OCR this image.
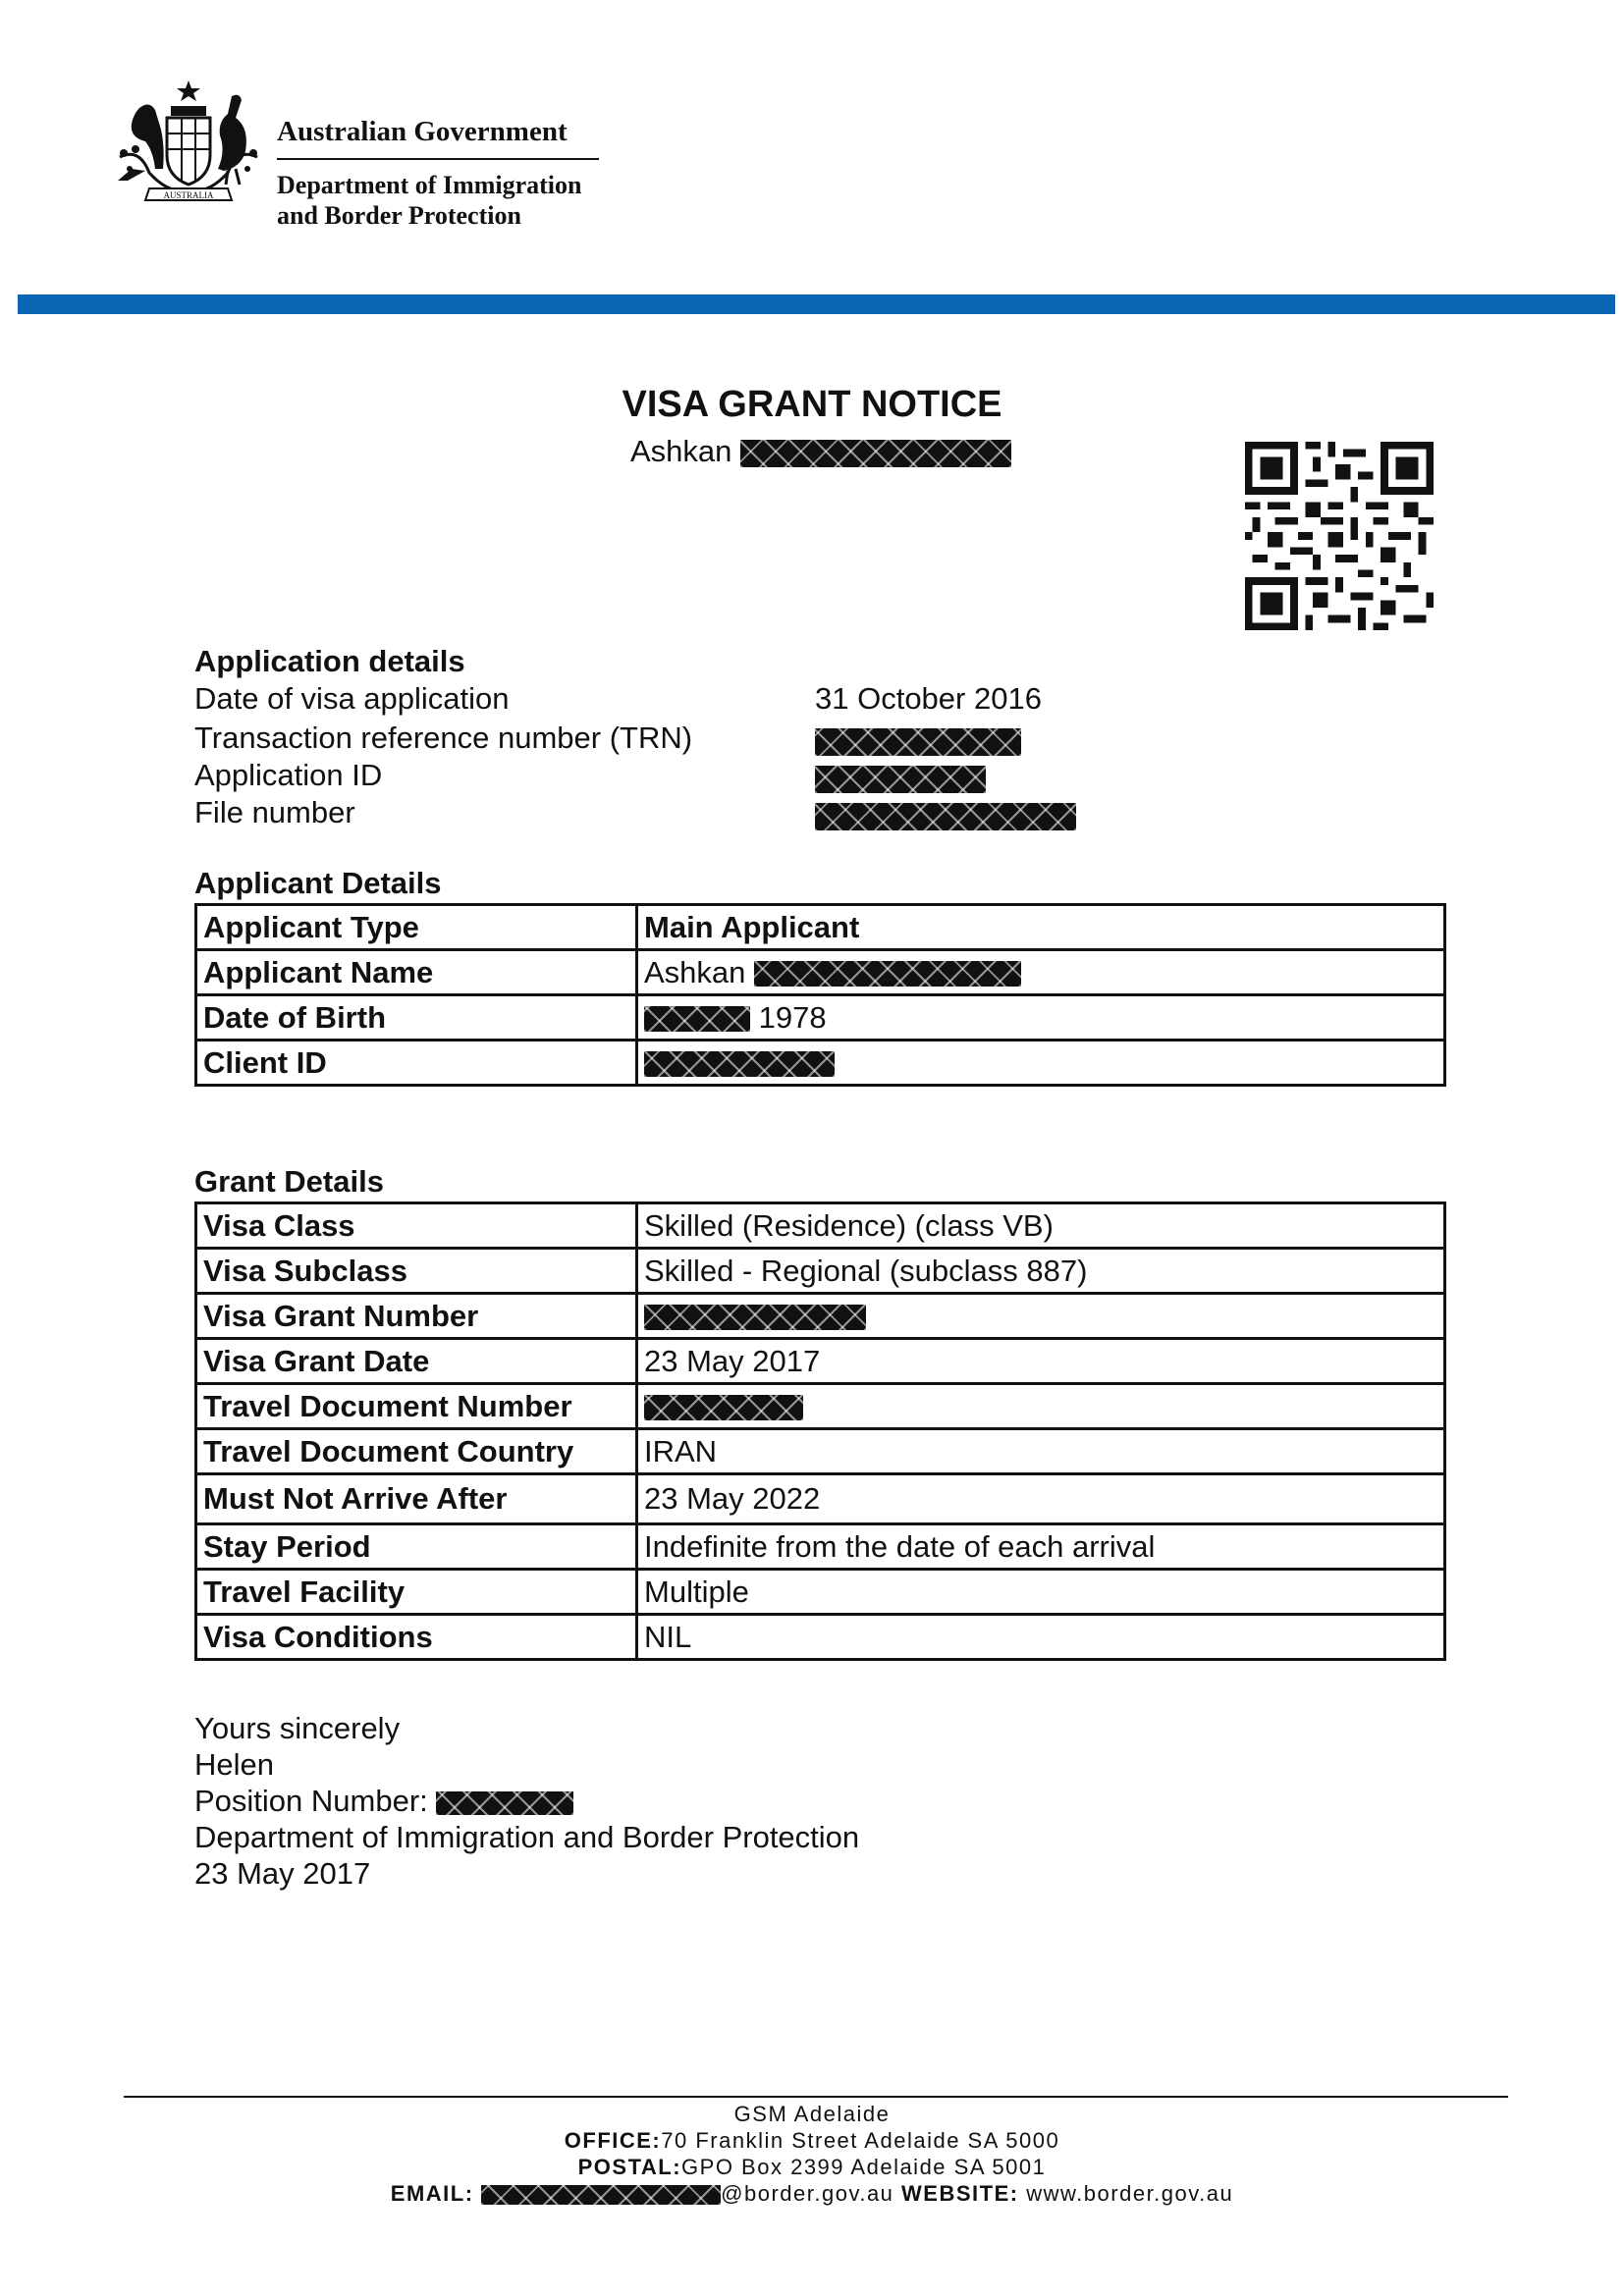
AUSTRALIA
Australian Government
Department of Immigration
and Border Protection
VISA GRANT NOTICE
Ashkan
Application details
Date of visa application	31 October 2016
Transaction reference number (TRN)
Application ID
File number
Applicant Details
Applicant Type	Main Applicant
Applicant Name	Ashkan
Date of Birth	1978
Client ID	
Grant Details
Visa Class	Skilled (Residence) (class VB)
Visa Subclass	Skilled - Regional (subclass 887)
Visa Grant Number	
Visa Grant Date	23 May 2017
Travel Document Number	
Travel Document Country	IRAN
Must Not Arrive After	23 May 2022
Stay Period	Indefinite from the date of each arrival
Travel Facility	Multiple
Visa Conditions	NIL
Yours sincerely
Helen
Position Number:
Department of Immigration and Border Protection
23 May 2017
GSM Adelaide
OFFICE:70 Franklin Street Adelaide SA 5000
POSTAL:GPO Box 2399 Adelaide SA 5001
EMAIL:	@border.gov.au WEBSITE: www.border.gov.au
